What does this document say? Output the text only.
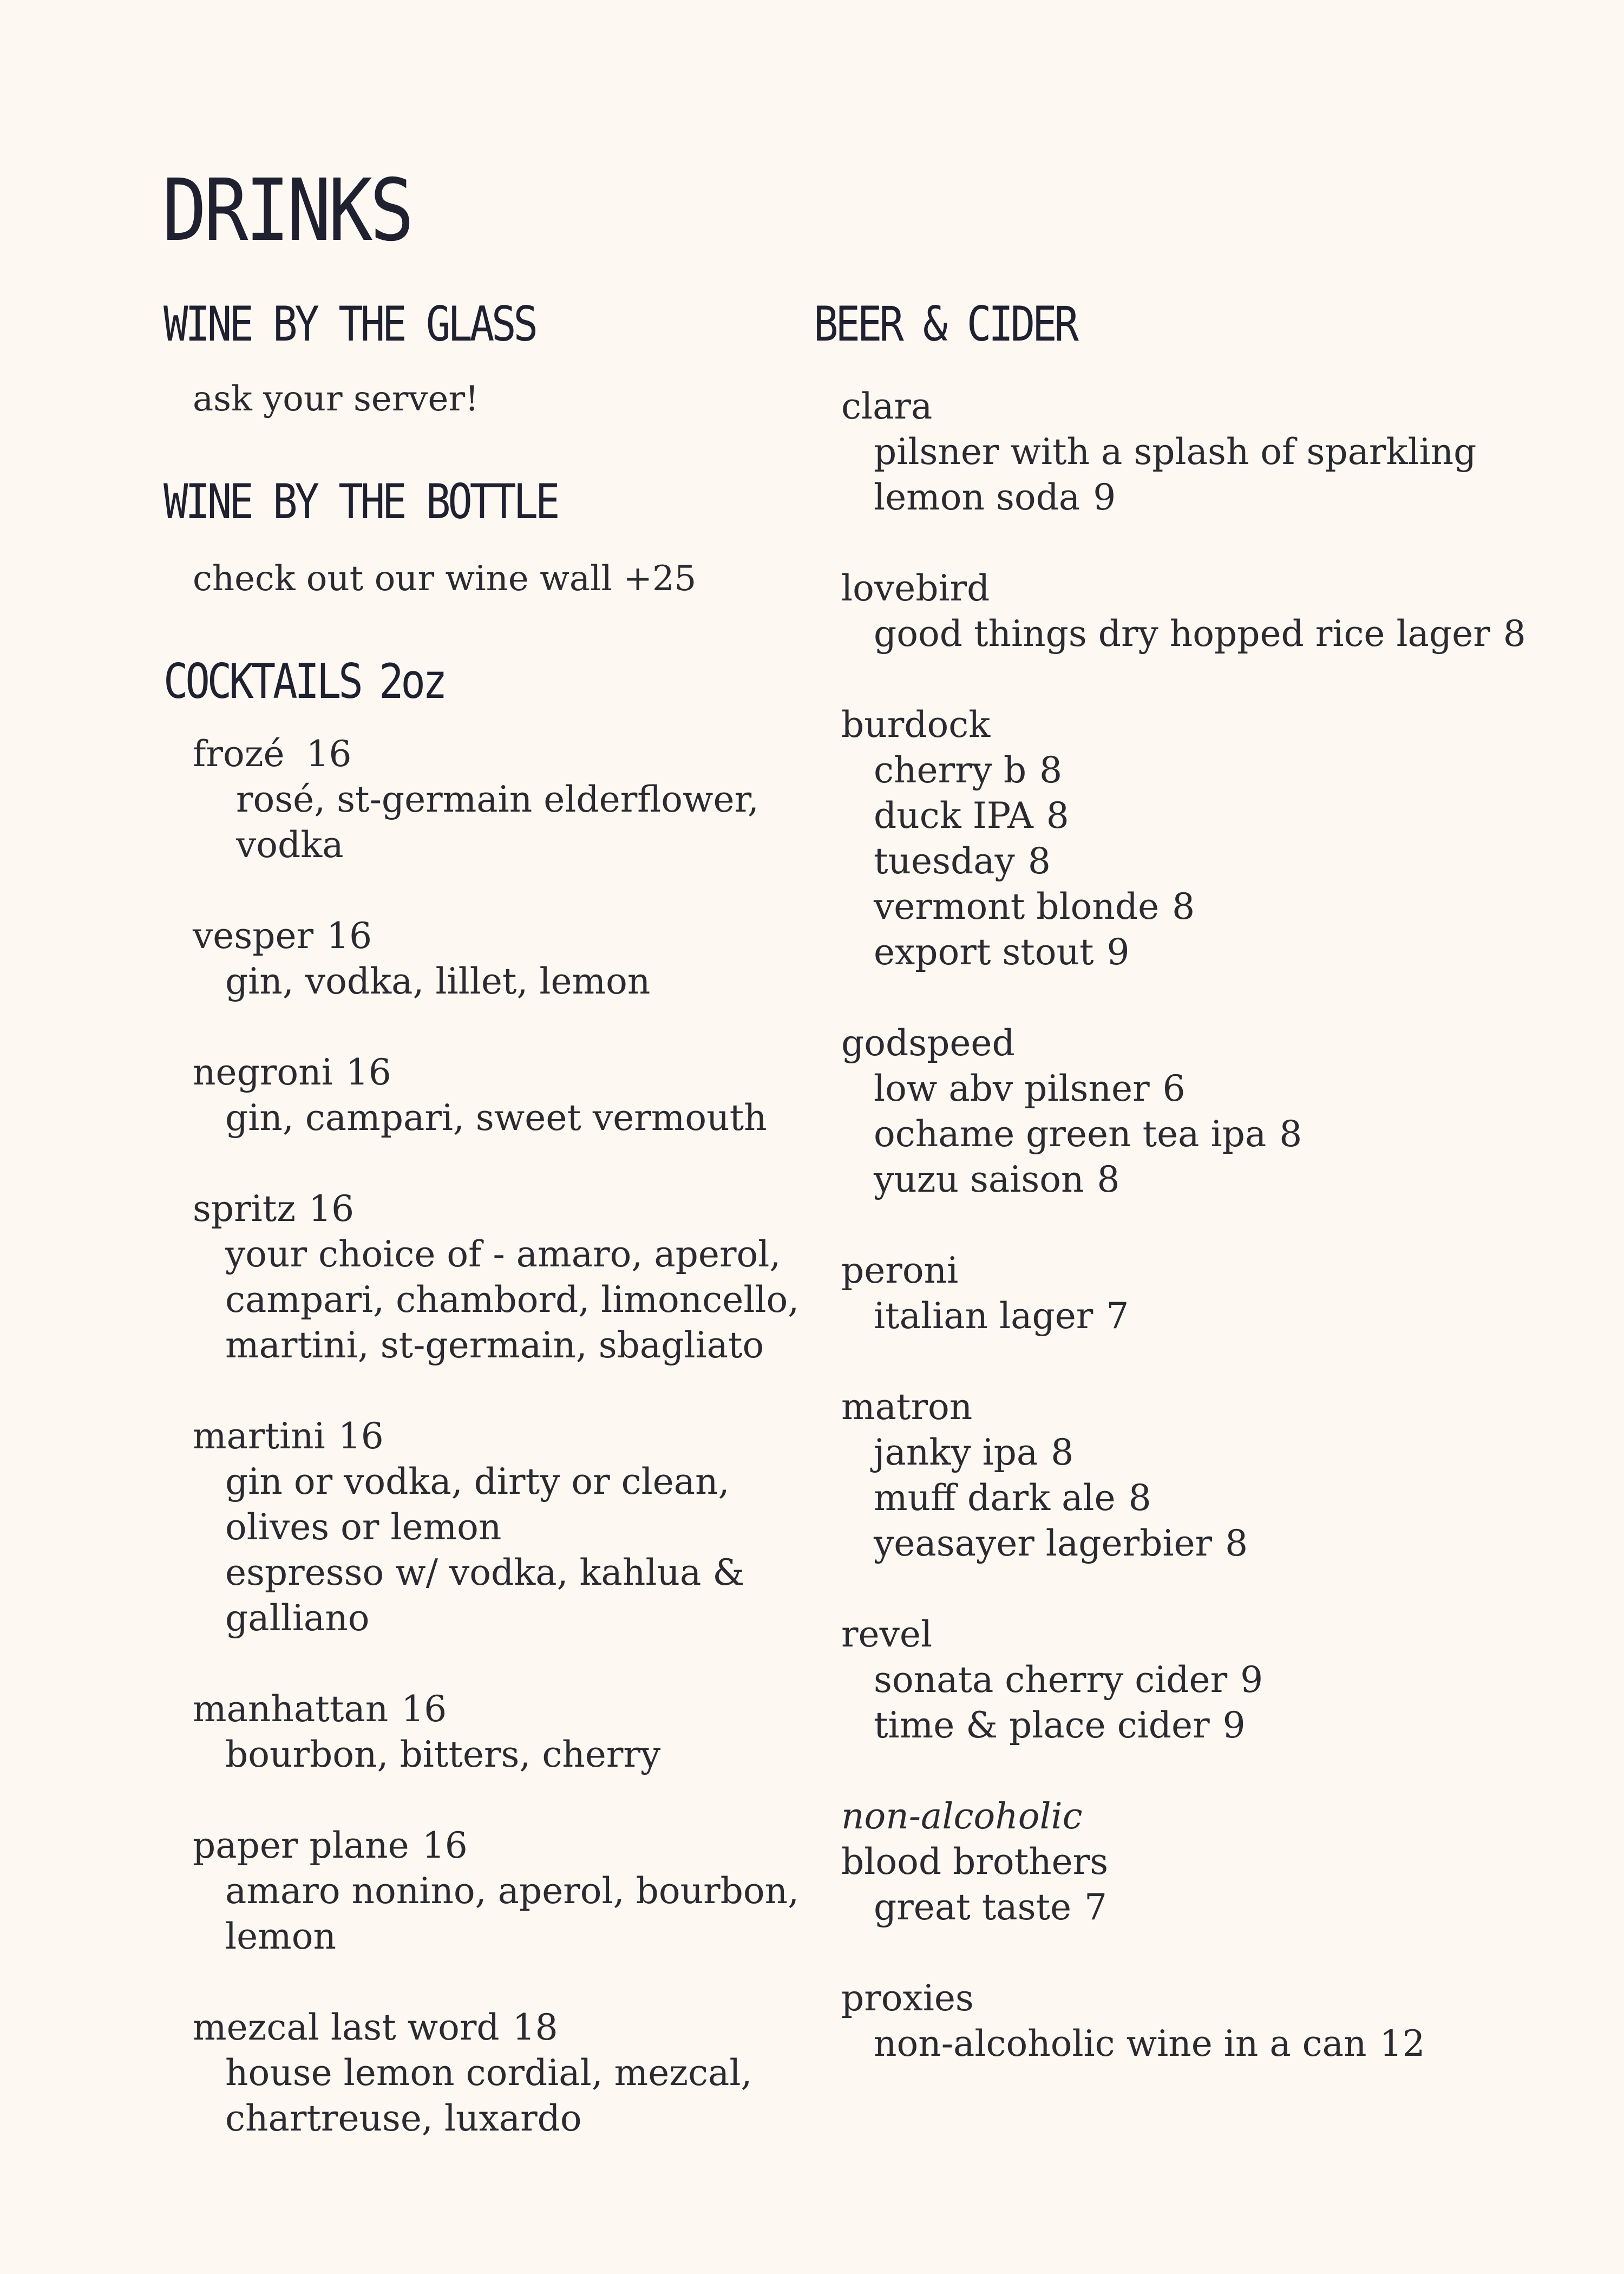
DRINKS
WINE BY THE GLASS
ask your server!
WINE BY THE BOTTLE
check out our wine wall +25
COCKTAILS 2oz
frozé 16
rosé, st-germain elderflower,
vodka
vesper 16
gin, vodka, lillet, lemon
negroni 16
gin, campari, sweet vermouth
spritz 16
your choice of - amaro, aperol,
campari, chambord, limoncello,
martini, st-germain, sbagliato
martini 16
gin or vodka, dirty or clean,
olives or lemon
espresso w/ vodka, kahlua &
galliano
manhattan 16
bourbon, bitters, cherry
paper plane 16
amaro nonino, aperol, bourbon,
lemon
mezcal last word 18
house lemon cordial, mezcal,
chartreuse, luxardo
BEER & CIDER
clara
pilsner with a splash of sparkling
lemon soda 9
lovebird
good things dry hopped rice lager 8
burdock
cherry b 8
duck IPA 8
tuesday 8
vermont blonde 8
export stout 9
godspeed
low abv pilsner 6
ochame green tea ipa 8
yuzu saison 8
peroni
italian lager 7
matron
janky ipa 8
muff dark ale 8
yeasayer lagerbier 8
revel
sonata cherry cider 9
time & place cider 9
non-alcoholic
blood brothers
great taste 7
proxies
non-alcoholic wine in a can 12
